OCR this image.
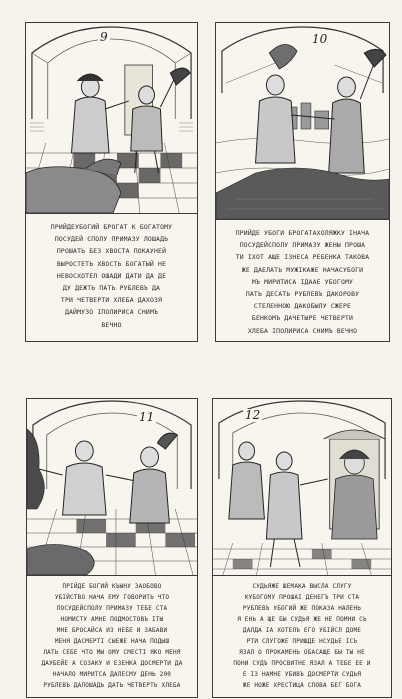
9
ПРИЙДЕУБОГИЙ БРОГАТ К БОГАТОМУ
ПОСУДЕЙ СПОЛУ ПРИМАЗУ ЛОШАДЬ
ПРОШАТЬ БЕЗ ХВОСТА ПОКАУНЕЙ
ВЫРОСТЕТЬ ХВОСТЬ БОГАТЫЙ НЕ
НЕВОСХОТЕЛ ОШАДИ ДАТИ ДА ДЕ
ДУ ДЕЖТЬ ПАТЬ РУБЛЕВЪ ДА
ТРИ ЧЕТВЕРТИ ХЛЕБА ДАХОЗЯ
ДАЙМУЗО ІПОЛИРИСА СНИМЪ
ВЕЧНО
10
ПРИЙДЕ УБОГИ БРОГАТАХОЛЯЖКУ ІНАЧА
ПОСУДЕЙСПОЛУ ПРИМАЗУ ЖЕНЫ ПРОША
ТИ ІХОТ АЩЕ ІЗНЕСА РЕБЕНКА ТАКОВА
ЖЕ ДАЕЛАТЬ МУЖІКАЖЕ НАЧАСУБОГИ
МЪ МИРИТИСА ІДААЕ УБОГОМУ
ПАТЬ ДЕСАТЬ РУБЛЕВЪ ДАКОРОВУ
СТЕЛЕННОЮ ДАКОБЫЛУ СЖЕРЕ
БЕНКОМЪ ДАЧЕТЫРЕ ЧЕТВЕРТИ
ХЛЕБА ІПОЛИРИСА СНИМЪ ВЕЧНО
11
ПРІЙДЕ БОГИЙ КЪЫНУ ЗАОБОВО
УБІЙСТВО НАЧА ЕМУ ГОВОРИТЬ ЧТО
ПОСУДЕЙСПОЛУ ПРИМАЗУ ТЕБЕ СТА
НОМИСТУ АМНЕ ПОДМОСТОВЪ ІТЫ
МНЕ БРОСАЙСА ИЗ НЕБЕ И ЗАБАВИ
МЕНЯ ДАСМЕРТІ СЫЕЖЕ НАЧА ПОДЫШ
ЛАТЬ СЕБЕ ЧТО МЫ ОМУ СМЕСТІ ЯКО МЕНЯ
ДАУБЕЙЕ А СОЗАКУ И ЕЗЕНКА ДОСМЕРТИ ДА
НАЧАЛО МИРИТСА ДАЛЕСМУ ДЕНЬ 200
РУБЛЕВЪ ДАЛОШАДЬ ДАТЬ ЧЕТВЕРТЬ ХЛЕБА
12
СУДЬЯЖЕ ШЕМАКА ВЫСЛА СЛУГУ
КУБОГОМУ ПРОШАІ ДЕНЕГЪ ТРИ СТА
РУБЛЕВЪ УБОГИЙ ЖЕ ПОКАЗА НАЛЕНЬ
Я ЕНЬ А ЩЕ БЫ СУДЬЯ ЖЕ НЕ ПОМНИ СЬ
ДАЛДА ІА ХОТЕЛЪ ЕГО УБІЙСЛ ДОМЕ
РТИ СЛУГОЖЕ ПРИШДЕ НСУДЬЕ ІСЪ
ЯЗАЛ О ПРОКАМЕНЬ ОБАСАЩЕ БЫ ТЫ НЕ
ПОНИ СУДЪ ПРОСВИТНЕ ЯЗАЛ А ТЕБЕ ЕЕ И
Е ІЗ НАМНЕ УБИВЪ ДОСМЕРТИ СУДЬЯ
ЖЕ НОЖЕ ХРЕСТИЦА СЛОВА БЕГ БОГА
